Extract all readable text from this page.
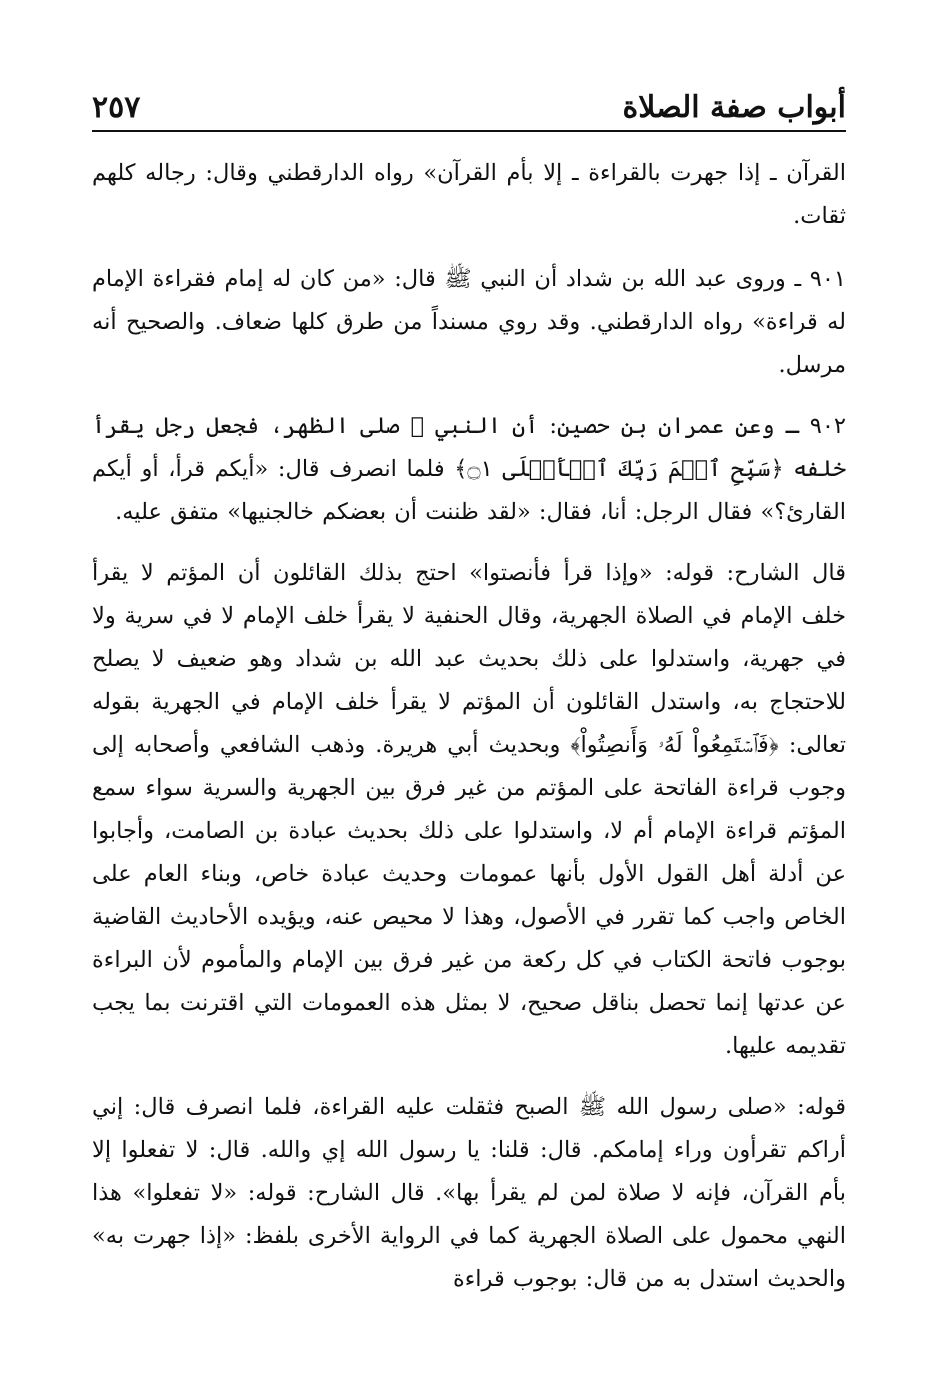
أبواب صفة الصلاة
٢٥٧

القرآن ـ إذا جهرت بالقراءة ـ إلا بأم القرآن» رواه الدارقطني وقال: رجاله كلهم ثقات.

٩٠١ ـ وروى عبد الله بن شداد أن النبي ﷺ قال: «من كان له إمام فقراءة الإمام له قراءة» رواه الدارقطني. وقد روي مسنداً من طرق كلها ضعاف. والصحيح أنه مرسل.

٩٠٢ ـ وعن عمران بن حصين: أن النبي ﷺ صلى الظهر، فجعل رجل يقرأ خلفه ﴿سَبِّحِ ٱسۡمَ رَبِّكَ ٱلۡأَعۡلَى ۝١﴾ فلما انصرف قال: «أيكم قرأ، أو أيكم القارئ؟» فقال الرجل: أنا، فقال: «لقد ظننت أن بعضكم خالجنيها» متفق عليه.

قال الشارح: قوله: «وإذا قرأ فأنصتوا» احتج بذلك القائلون أن المؤتم لا يقرأ خلف الإمام في الصلاة الجهرية، وقال الحنفية لا يقرأ خلف الإمام لا في سرية ولا في جهرية، واستدلوا على ذلك بحديث عبد الله بن شداد وهو ضعيف لا يصلح للاحتجاج به، واستدل القائلون أن المؤتم لا يقرأ خلف الإمام في الجهرية بقوله تعالى: ﴿فَٱسۡتَمِعُواْ لَهُۥ وَأَنصِتُواْ﴾ وبحديث أبي هريرة. وذهب الشافعي وأصحابه إلى وجوب قراءة الفاتحة على المؤتم من غير فرق بين الجهرية والسرية سواء سمع المؤتم قراءة الإمام أم لا، واستدلوا على ذلك بحديث عبادة بن الصامت، وأجابوا عن أدلة أهل القول الأول بأنها عمومات وحديث عبادة خاص، وبناء العام على الخاص واجب كما تقرر في الأصول، وهذا لا محيص عنه، ويؤيده الأحاديث القاضية بوجوب فاتحة الكتاب في كل ركعة من غير فرق بين الإمام والمأموم لأن البراءة عن عدتها إنما تحصل بناقل صحيح، لا بمثل هذه العمومات التي اقترنت بما يجب تقديمه عليها.

قوله: «صلى رسول الله ﷺ الصبح فثقلت عليه القراءة، فلما انصرف قال: إني أراكم تقرأون وراء إمامكم. قال: قلنا: يا رسول الله إي والله. قال: لا تفعلوا إلا بأم القرآن، فإنه لا صلاة لمن لم يقرأ بها». قال الشارح: قوله: «لا تفعلوا» هذا النهي محمول على الصلاة الجهرية كما في الرواية الأخرى بلفظ: «إذا جهرت به» والحديث استدل به من قال: بوجوب قراءة
